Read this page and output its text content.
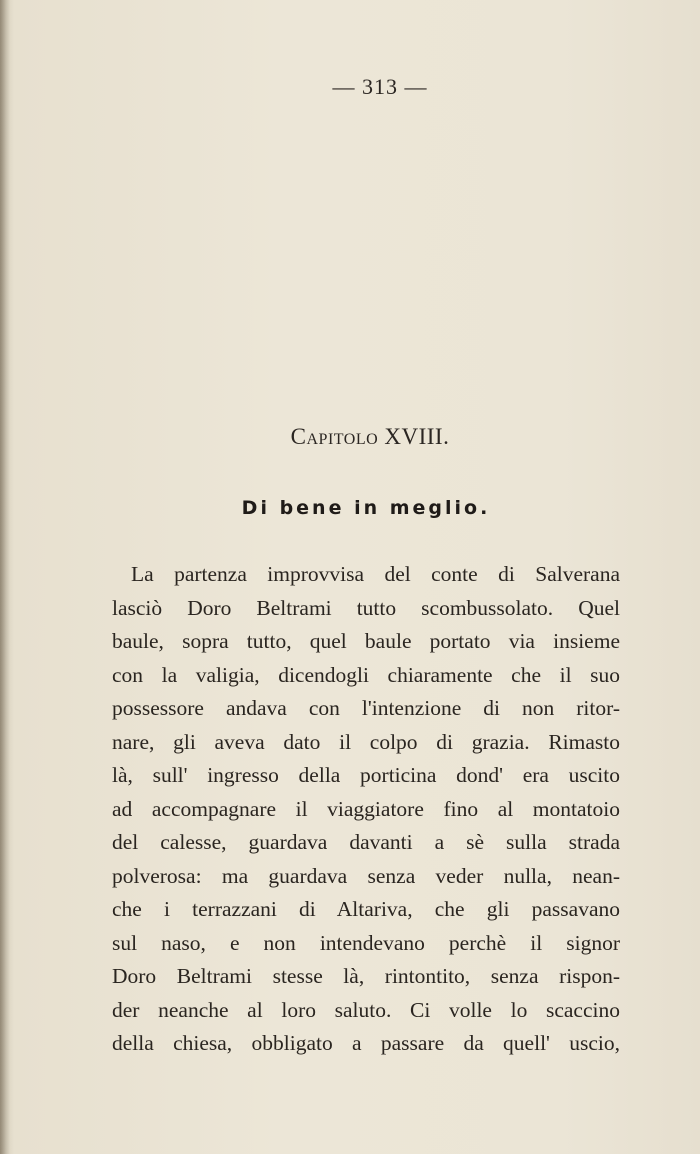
— 313 —
Capitolo XVIII.
Di bene in meglio.
La partenza improvvisa del conte di Salverana
lasciò Doro Beltrami tutto scombussolato. Quel
baule, sopra tutto, quel baule portato via insieme
con la valigia, dicendogli chiaramente che il suo
possessore andava con l'intenzione di non ritor-
nare, gli aveva dato il colpo di grazia. Rimasto
là, sull' ingresso della porticina dond' era uscito
ad accompagnare il viaggiatore fino al montatoio
del calesse, guardava davanti a sè sulla strada
polverosa: ma guardava senza veder nulla, nean-
che i terrazzani di Altariva, che gli passavano
sul naso, e non intendevano perchè il signor
Doro Beltrami stesse là, rintontito, senza rispon-
der neanche al loro saluto. Ci volle lo scaccino
della chiesa, obbligato a passare da quell' uscio,
